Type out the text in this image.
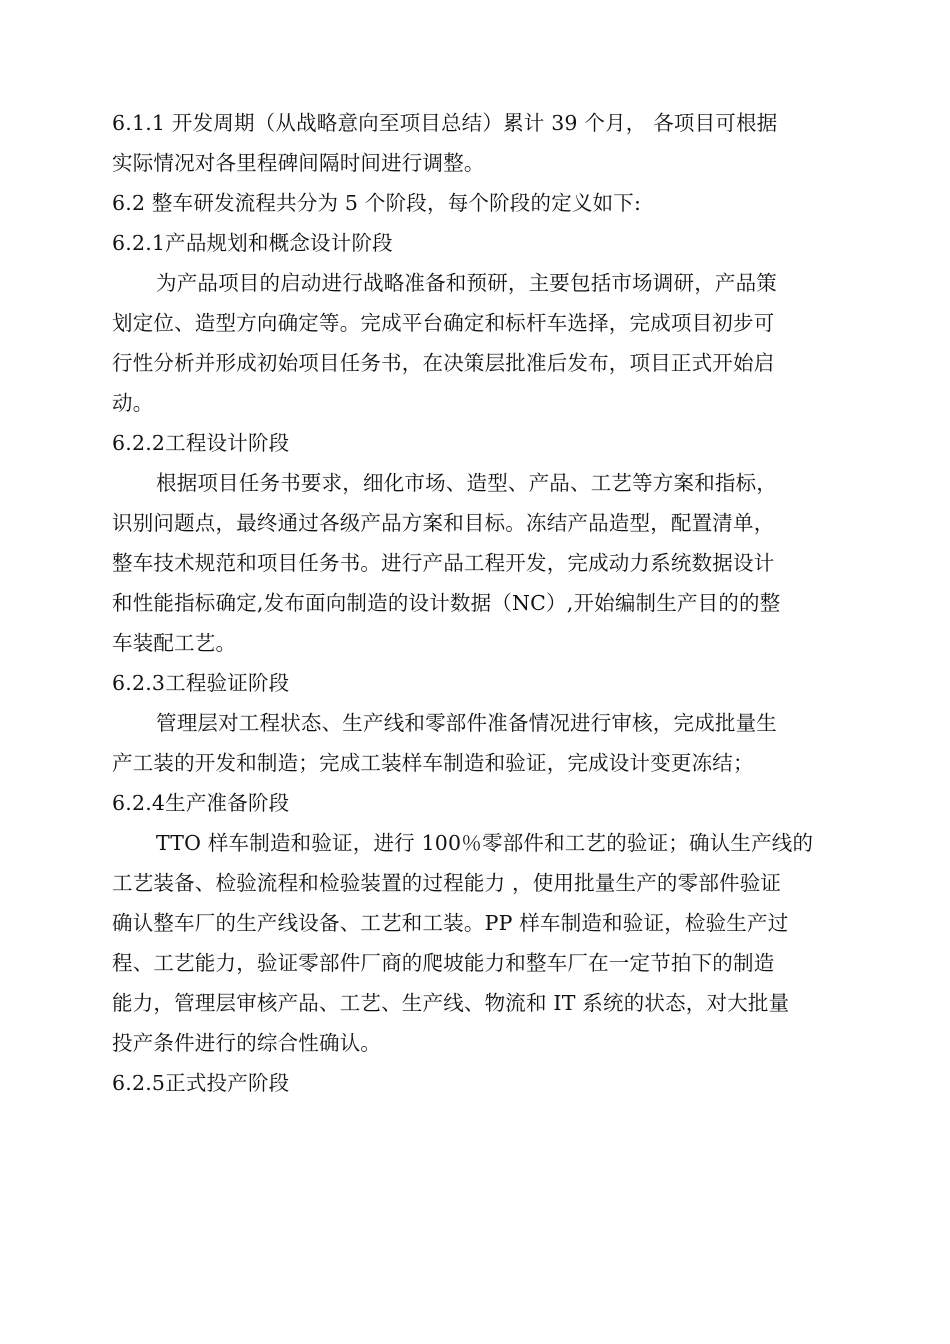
6.1.1 开发周期（从战略意向至项目总结）累计 39 个月， 各项目可根据
实际情况对各里程碑间隔时间进行调整。
6.2 整车研发流程共分为 5 个阶段，每个阶段的定义如下:
6.2.1产品规划和概念设计阶段
为产品项目的启动进行战略准备和预研，主要包括市场调研，产品策
划定位、造型方向确定等。完成平台确定和标杆车选择，完成项目初步可
行性分析并形成初始项目任务书，在决策层批准后发布，项目正式开始启
动。
6.2.2工程设计阶段
根据项目任务书要求，细化市场、造型、产品、工艺等方案和指标，
识别问题点，最终通过各级产品方案和目标。冻结产品造型，配置清单，
整车技术规范和项目任务书。进行产品工程开发，完成动力系统数据设计
和性能指标确定,发布面向制造的设计数据（NC）,开始编制生产目的的整
车装配工艺。
6.2.3工程验证阶段
管理层对工程状态、生产线和零部件准备情况进行审核，完成批量生
产工装的开发和制造；完成工装样车制造和验证，完成设计变更冻结；
6.2.4生产准备阶段
TTO 样车制造和验证，进行 100％零部件和工艺的验证；确认生产线的
工艺装备、检验流程和检验装置的过程能力 ，使用批量生产的零部件验证
确认整车厂的生产线设备、工艺和工装。PP 样车制造和验证，检验生产过
程、工艺能力，验证零部件厂商的爬坡能力和整车厂在一定节拍下的制造
能力，管理层审核产品、工艺、生产线、物流和 IT 系统的状态，对大批量
投产条件进行的综合性确认。
6.2.5正式投产阶段
